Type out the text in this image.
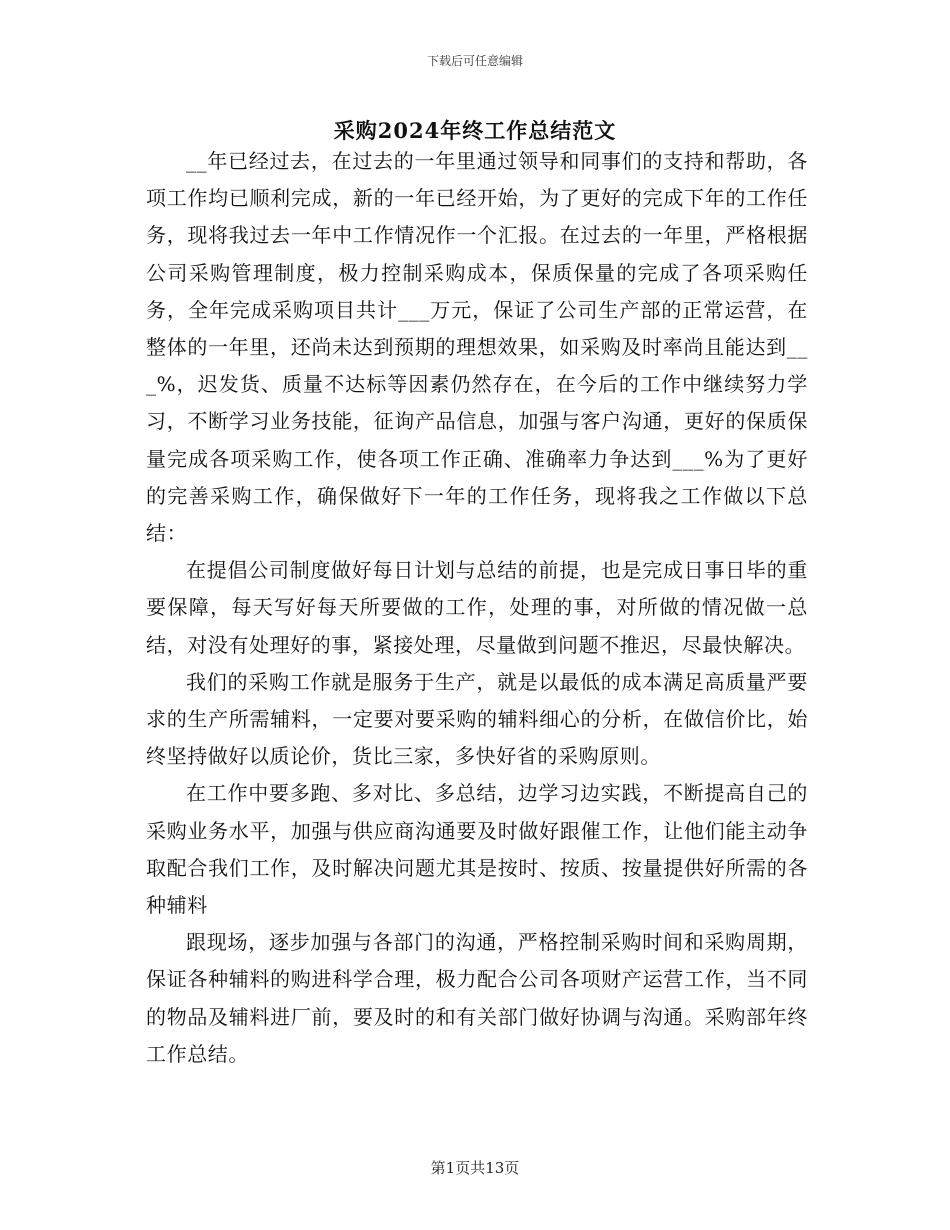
下载后可任意编辑
采购2024年终工作总结范文

__年已经过去，在过去的一年里通过领导和同事们的支持和帮助，各项工作均已顺利完成，新的一年已经开始，为了更好的完成下年的工作任务，现将我过去一年中工作情况作一个汇报。在过去的一年里，严格根据公司采购管理制度，极力控制采购成本，保质保量的完成了各项采购任务，全年完成采购项目共计___万元，保证了公司生产部的正常运营，在整体的一年里，还尚未达到预期的理想效果，如采购及时率尚且能达到___%，迟发货、质量不达标等因素仍然存在，在今后的工作中继续努力学习，不断学习业务技能，征询产品信息，加强与客户沟通，更好的保质保量完成各项采购工作，使各项工作正确、准确率力争达到___%为了更好的完善采购工作，确保做好下一年的工作任务，现将我之工作做以下总结：

在提倡公司制度做好每日计划与总结的前提，也是完成日事日毕的重要保障，每天写好每天所要做的工作，处理的事，对所做的情况做一总结，对没有处理好的事，紧接处理，尽量做到问题不推迟，尽最快解决。

我们的采购工作就是服务于生产，就是以最低的成本满足高质量严要求的生产所需辅料，一定要对要采购的辅料细心的分析，在做信价比，始终坚持做好以质论价，货比三家，多快好省的采购原则。

在工作中要多跑、多对比、多总结，边学习边实践，不断提高自己的采购业务水平，加强与供应商沟通要及时做好跟催工作，让他们能主动争取配合我们工作，及时解决问题尤其是按时、按质、按量提供好所需的各种辅料

跟现场，逐步加强与各部门的沟通，严格控制采购时间和采购周期，保证各种辅料的购进科学合理，极力配合公司各项财产运营工作，当不同的物品及辅料进厂前，要及时的和有关部门做好协调与沟通。采购部年终工作总结。

第1页共13页
